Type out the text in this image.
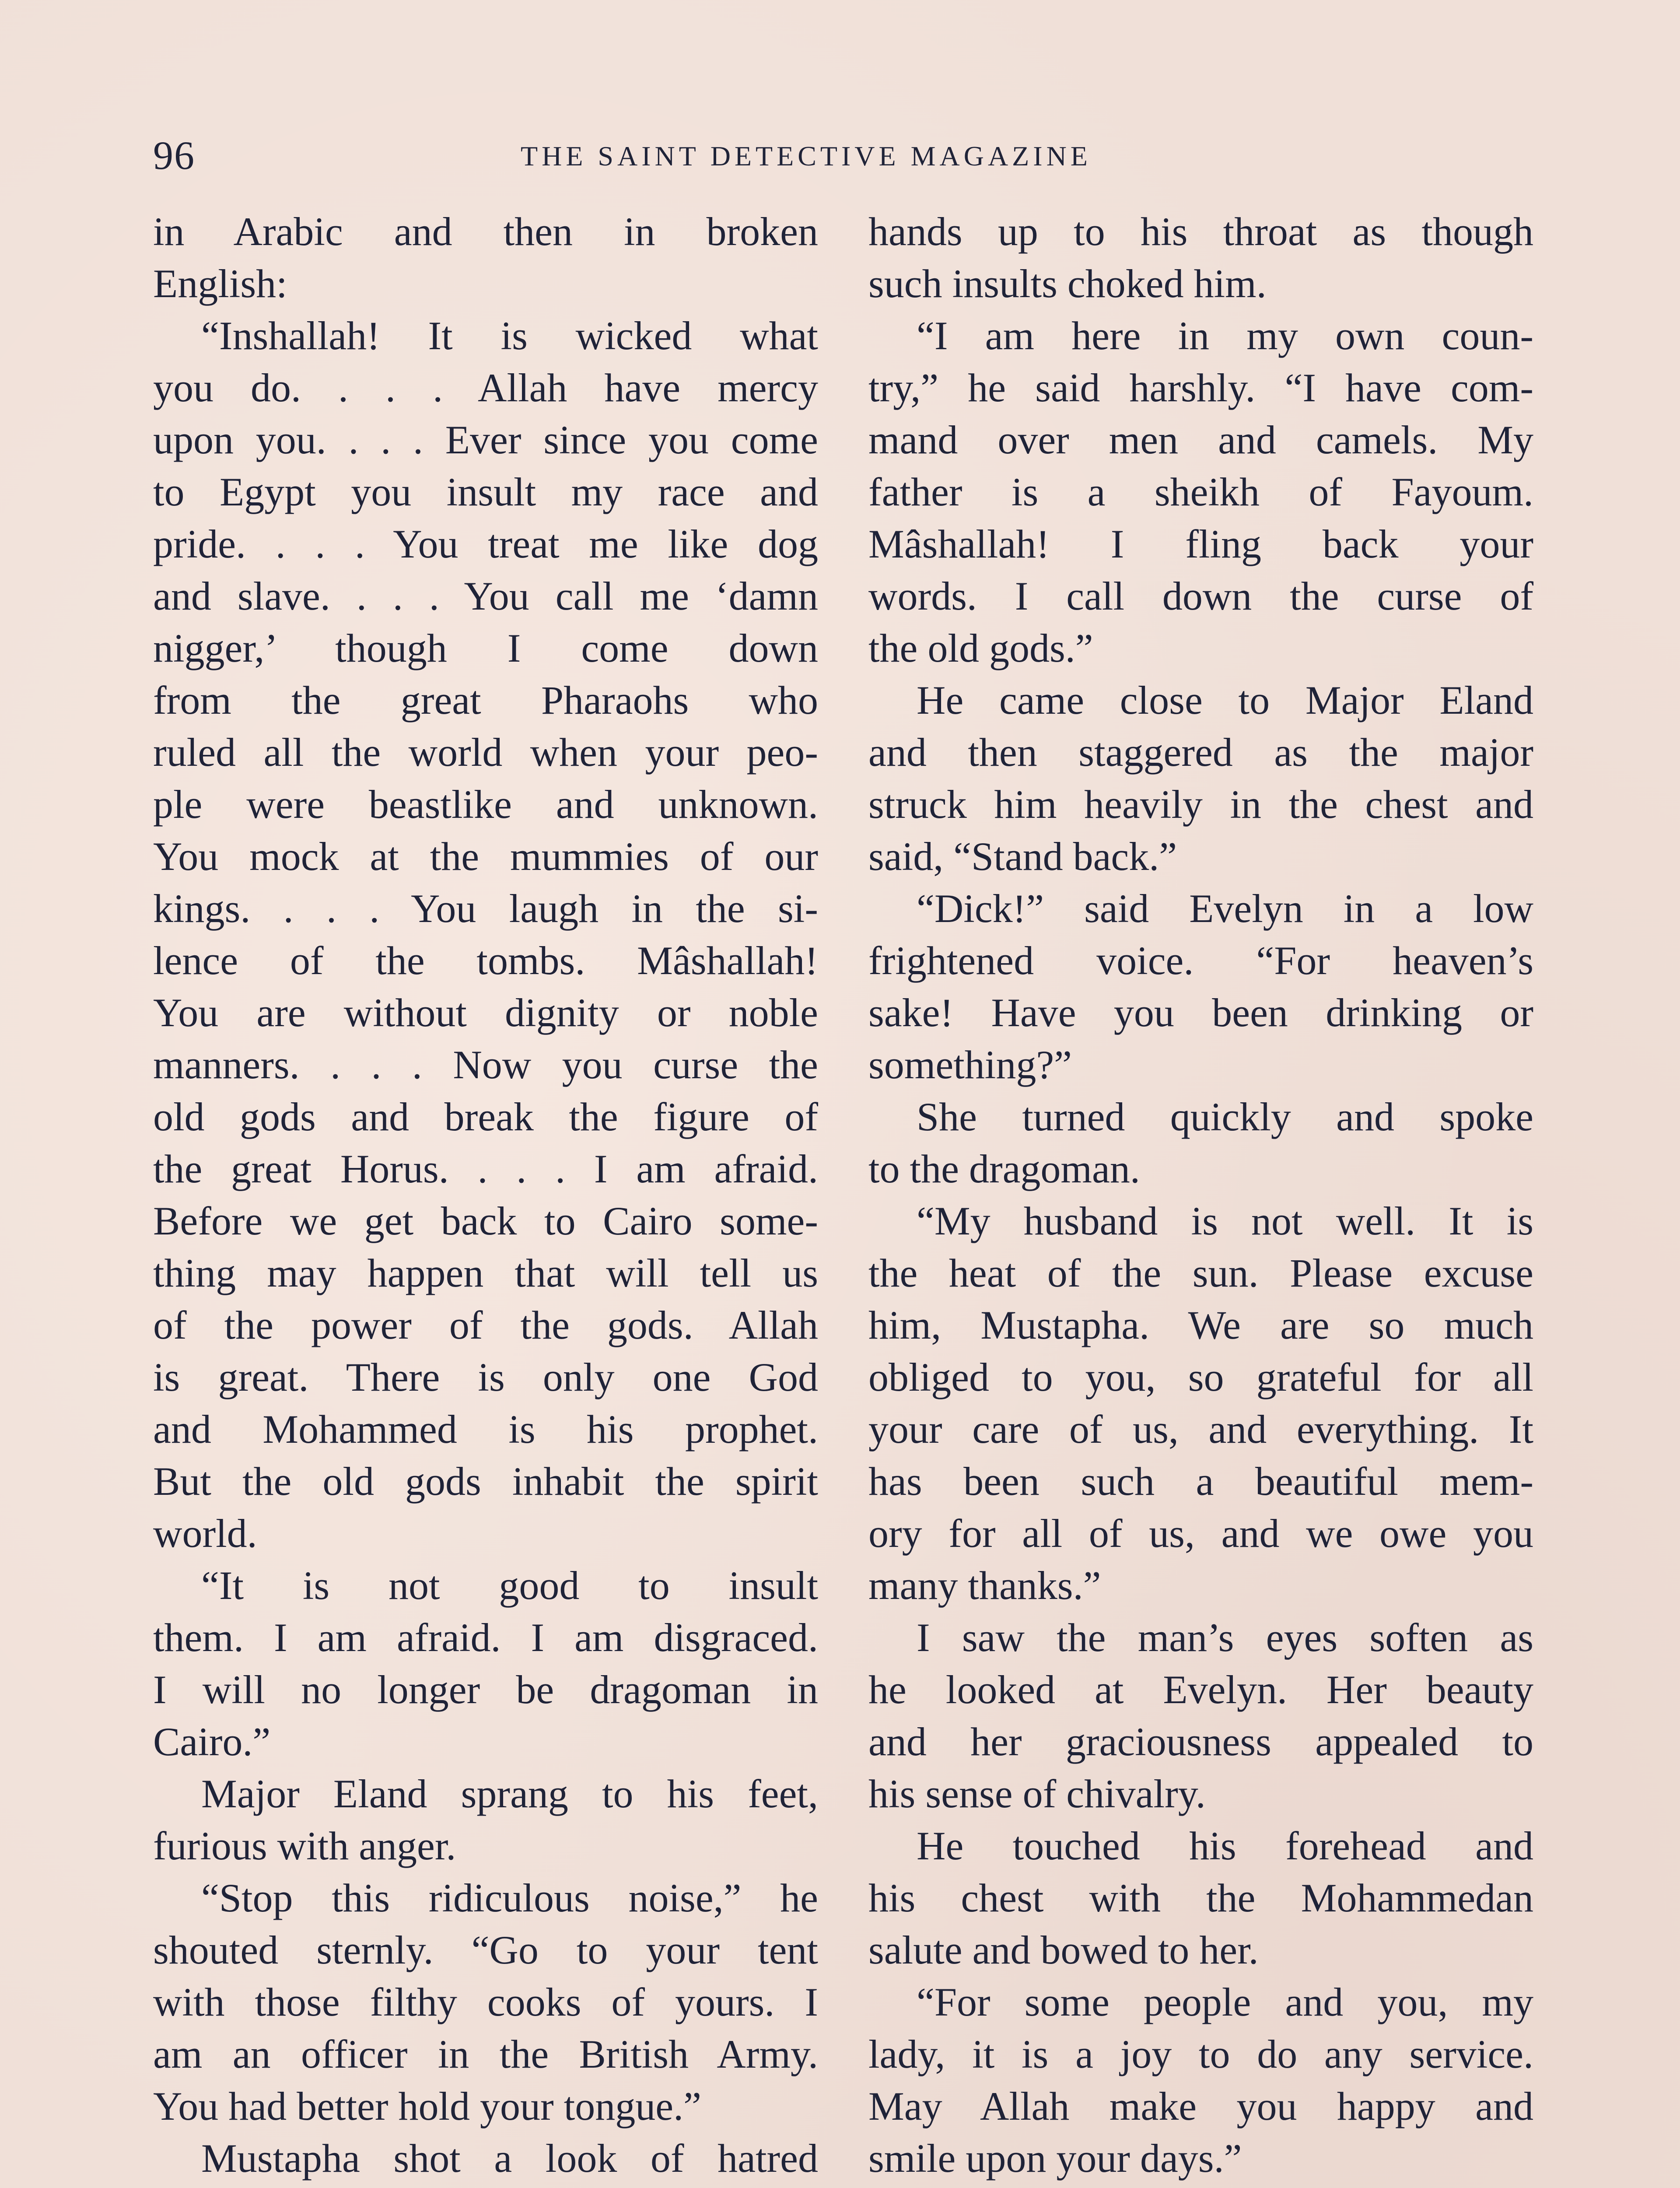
96	THE SAINT DETECTIVE MAGAZINE
in Arabic and then in broken
English:
“Inshallah! It is wicked what
you do. . . . Allah have mercy
upon you. . . . Ever since you come
to Egypt you insult my race and
pride. . . . You treat me like dog
and slave. . . . You call me ‘damn
nigger,’ though I come down
from the great Pharaohs who
ruled all the world when your peo-
ple were beastlike and unknown.
You mock at the mummies of our
kings. . . . You laugh in the si-
lence of the tombs. Mâshallah!
You are without dignity or noble
manners. . . . Now you curse the
old gods and break the figure of
the great Horus. . . . I am afraid.
Before we get back to Cairo some-
thing may happen that will tell us
of the power of the gods. Allah
is great. There is only one God
and Mohammed is his prophet.
But the old gods inhabit the spirit
world.
“It is not good to insult
them. I am afraid. I am disgraced.
I will no longer be dragoman in
Cairo.”
Major Eland sprang to his feet,
furious with anger.
“Stop this ridiculous noise,” he
shouted sternly. “Go to your tent
with those filthy cooks of yours. I
am an officer in the British Army.
You had better hold your tongue.”
Mustapha shot a look of hatred
hands up to his throat as though
such insults choked him.
“I am here in my own coun-
try,” he said harshly. “I have com-
mand over men and camels. My
father is a sheikh of Fayoum.
Mâshallah! I fling back your
words. I call down the curse of
the old gods.”
He came close to Major Eland
and then staggered as the major
struck him heavily in the chest and
said, “Stand back.”
“Dick!” said Evelyn in a low
frightened voice. “For heaven’s
sake! Have you been drinking or
something?”
She turned quickly and spoke
to the dragoman.
“My husband is not well. It is
the heat of the sun. Please excuse
him, Mustapha. We are so much
obliged to you, so grateful for all
your care of us, and everything. It
has been such a beautiful mem-
ory for all of us, and we owe you
many thanks.”
I saw the man’s eyes soften as
he looked at Evelyn. Her beauty
and her graciousness appealed to
his sense of chivalry.
He touched his forehead and
his chest with the Mohammedan
salute and bowed to her.
“For some people and you, my
lady, it is a joy to do any service.
May Allah make you happy and
smile upon your days.”
